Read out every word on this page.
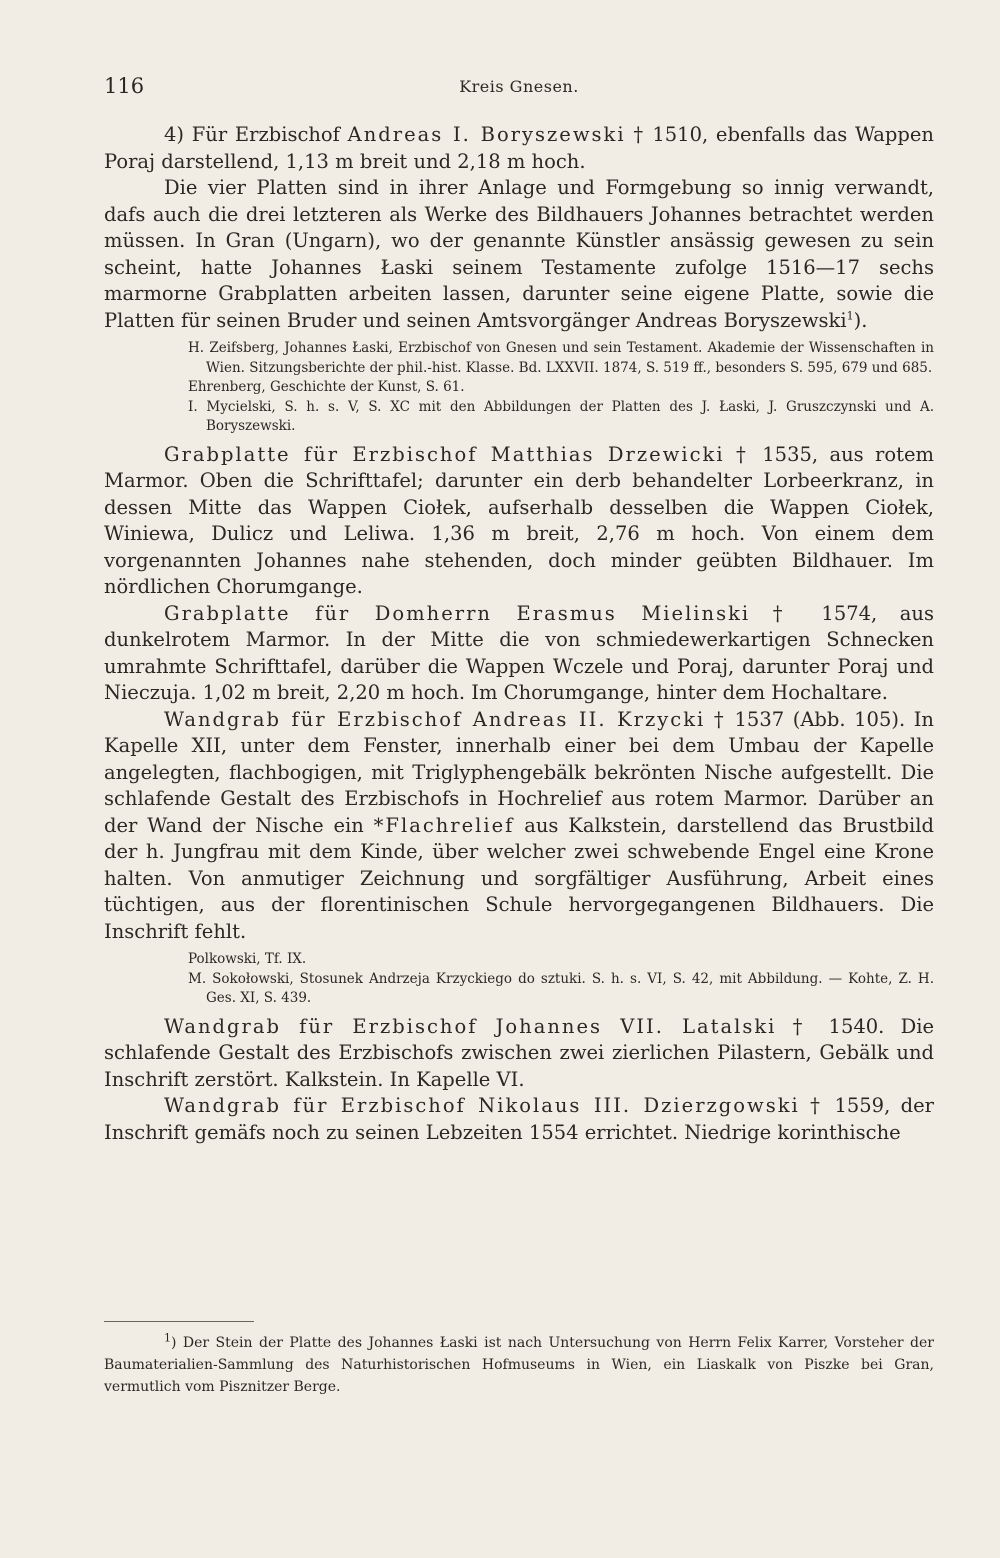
116	Kreis Gnesen.

4) Für Erzbischof Andreas I. Boryszewski † 1510, ebenfalls das Wappen Poraj darstellend, 1,13 m breit und 2,18 m hoch.

Die vier Platten sind in ihrer Anlage und Formgebung so innig verwandt, dafs auch die drei letzteren als Werke des Bildhauers Johannes betrachtet werden müssen. In Gran (Ungarn), wo der genannte Künstler ansässig gewesen zu sein scheint, hatte Johannes Łaski seinem Testamente zufolge 1516—17 sechs marmorne Grabplatten arbeiten lassen, darunter seine eigene Platte, sowie die Platten für seinen Bruder und seinen Amtsvorgänger Andreas Boryszewski$^1$).

H. Zeifsberg, Johannes Łaski, Erzbischof von Gnesen und sein Testament. Akademie der Wissenschaften in Wien. Sitzungsberichte der phil.-hist. Klasse. Bd. LXXVII. 1874, S. 519 ff., besonders S. 595, 679 und 685.

Ehrenberg, Geschichte der Kunst, S. 61.

I. Mycielski, S. h. s. V, S. XC mit den Abbildungen der Platten des J. Łaski, J. Gruszczynski und A. Boryszewski.

Grabplatte für Erzbischof Matthias Drzewicki † 1535, aus rotem Marmor. Oben die Schrifttafel; darunter ein derb behandelter Lorbeerkranz, in dessen Mitte das Wappen Ciołek, aufserhalb desselben die Wappen Ciołek, Winiewa, Dulicz und Leliwa. 1,36 m breit, 2,76 m hoch. Von einem dem vorgenannten Johannes nahe stehenden, doch minder geübten Bildhauer. Im nördlichen Chorumgange.

Grabplatte für Domherrn Erasmus Mielinski † 1574, aus dunkelrotem Marmor. In der Mitte die von schmiedewerkartigen Schnecken umrahmte Schrifttafel, darüber die Wappen Wczele und Poraj, darunter Poraj und Nieczuja. 1,02 m breit, 2,20 m hoch. Im Chorumgange, hinter dem Hochaltare.

Wandgrab für Erzbischof Andreas II. Krzycki † 1537 (Abb. 105). In Kapelle XII, unter dem Fenster, innerhalb einer bei dem Umbau der Kapelle angelegten, flachbogigen, mit Triglyphengebälk bekrönten Nische aufgestellt. Die schlafende Gestalt des Erzbischofs in Hochrelief aus rotem Marmor. Darüber an der Wand der Nische ein *Flachrelief aus Kalkstein, darstellend das Brustbild der h. Jungfrau mit dem Kinde, über welcher zwei schwebende Engel eine Krone halten. Von anmutiger Zeichnung und sorgfältiger Ausführung, Arbeit eines tüchtigen, aus der florentinischen Schule hervorgegangenen Bildhauers. Die Inschrift fehlt.

Polkowski, Tf. IX.

M. Sokołowski, Stosunek Andrzeja Krzyckiego do sztuki. S. h. s. VI, S. 42, mit Abbildung. — Kohte, Z. H. Ges. XI, S. 439.

Wandgrab für Erzbischof Johannes VII. Latalski † 1540. Die schlafende Gestalt des Erzbischofs zwischen zwei zierlichen Pilastern, Gebälk und Inschrift zerstört. Kalkstein. In Kapelle VI.

Wandgrab für Erzbischof Nikolaus III. Dzierzgowski † 1559, der Inschrift gemäfs noch zu seinen Lebzeiten 1554 errichtet. Niedrige korinthische

$^1$) Der Stein der Platte des Johannes Łaski ist nach Untersuchung von Herrn Felix Karrer, Vorsteher der Baumaterialien-Sammlung des Naturhistorischen Hofmuseums in Wien, ein Liaskalk von Piszke bei Gran, vermutlich vom Pisznitzer Berge.
